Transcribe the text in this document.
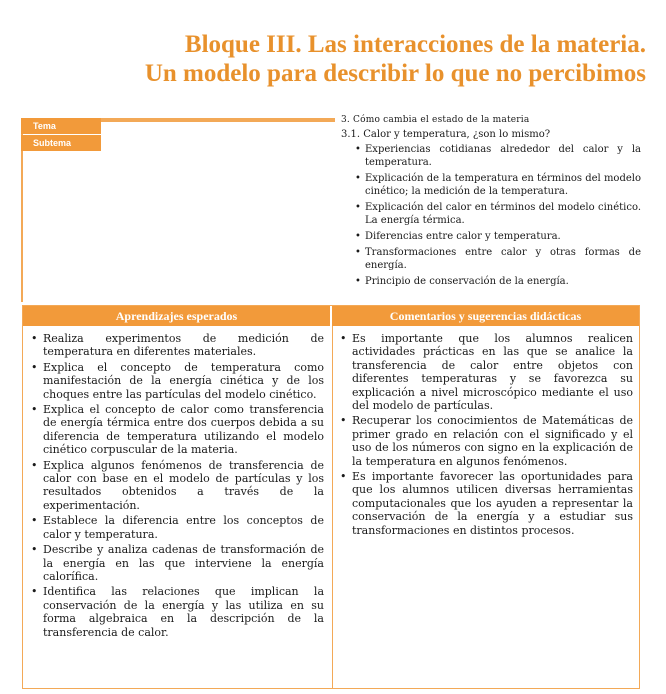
Bloque III. Las interacciones de la materia.
Un modelo para describir lo que no percibimos
Tema
Subtema
3. Cómo cambia el estado de la materia
3.1. Calor y temperatura, ¿son lo mismo?
• Experiencias cotidianas alrededor del calor y la temperatura.
• Explicación de la temperatura en términos del modelo cinético; la medición de la temperatura.
• Explicación del calor en términos del modelo cinético. La energía térmica.
• Diferencias entre calor y temperatura.
• Transformaciones entre calor y otras formas de energía.
• Principio de conservación de la energía.
Aprendizajes esperados	Comentarios y sugerencias didácticas
• Realiza experimentos de medición de temperatura en diferentes materiales.
• Explica el concepto de temperatura como manifestación de la energía cinética y de los choques entre las partículas del modelo cinético.
• Explica el concepto de calor como transferencia de energía térmica entre dos cuerpos debida a su diferencia de temperatura utilizando el modelo cinético corpuscular de la materia.
• Explica algunos fenómenos de transferencia de calor con base en el modelo de partículas y los resultados obtenidos a través de la experimentación.
• Establece la diferencia entre los conceptos de calor y temperatura.
• Describe y analiza cadenas de transformación de la energía en las que interviene la energía calorífica.
• Identifica las relaciones que implican la conservación de la energía y las utiliza en su forma algebraica en la descripción de la transferencia de calor.
• Es importante que los alumnos realicen actividades prácticas en las que se analice la transferencia de calor entre objetos con diferentes temperaturas y se favorezca su explicación a nivel microscópico mediante el uso del modelo de partículas.
• Recuperar los conocimientos de Matemáticas de primer grado en relación con el significado y el uso de los números con signo en la explicación de la temperatura en algunos fenómenos.
• Es importante favorecer las oportunidades para que los alumnos utilicen diversas herramientas computacionales que los ayuden a representar la conservación de la energía y a estudiar sus transformaciones en distintos procesos.
